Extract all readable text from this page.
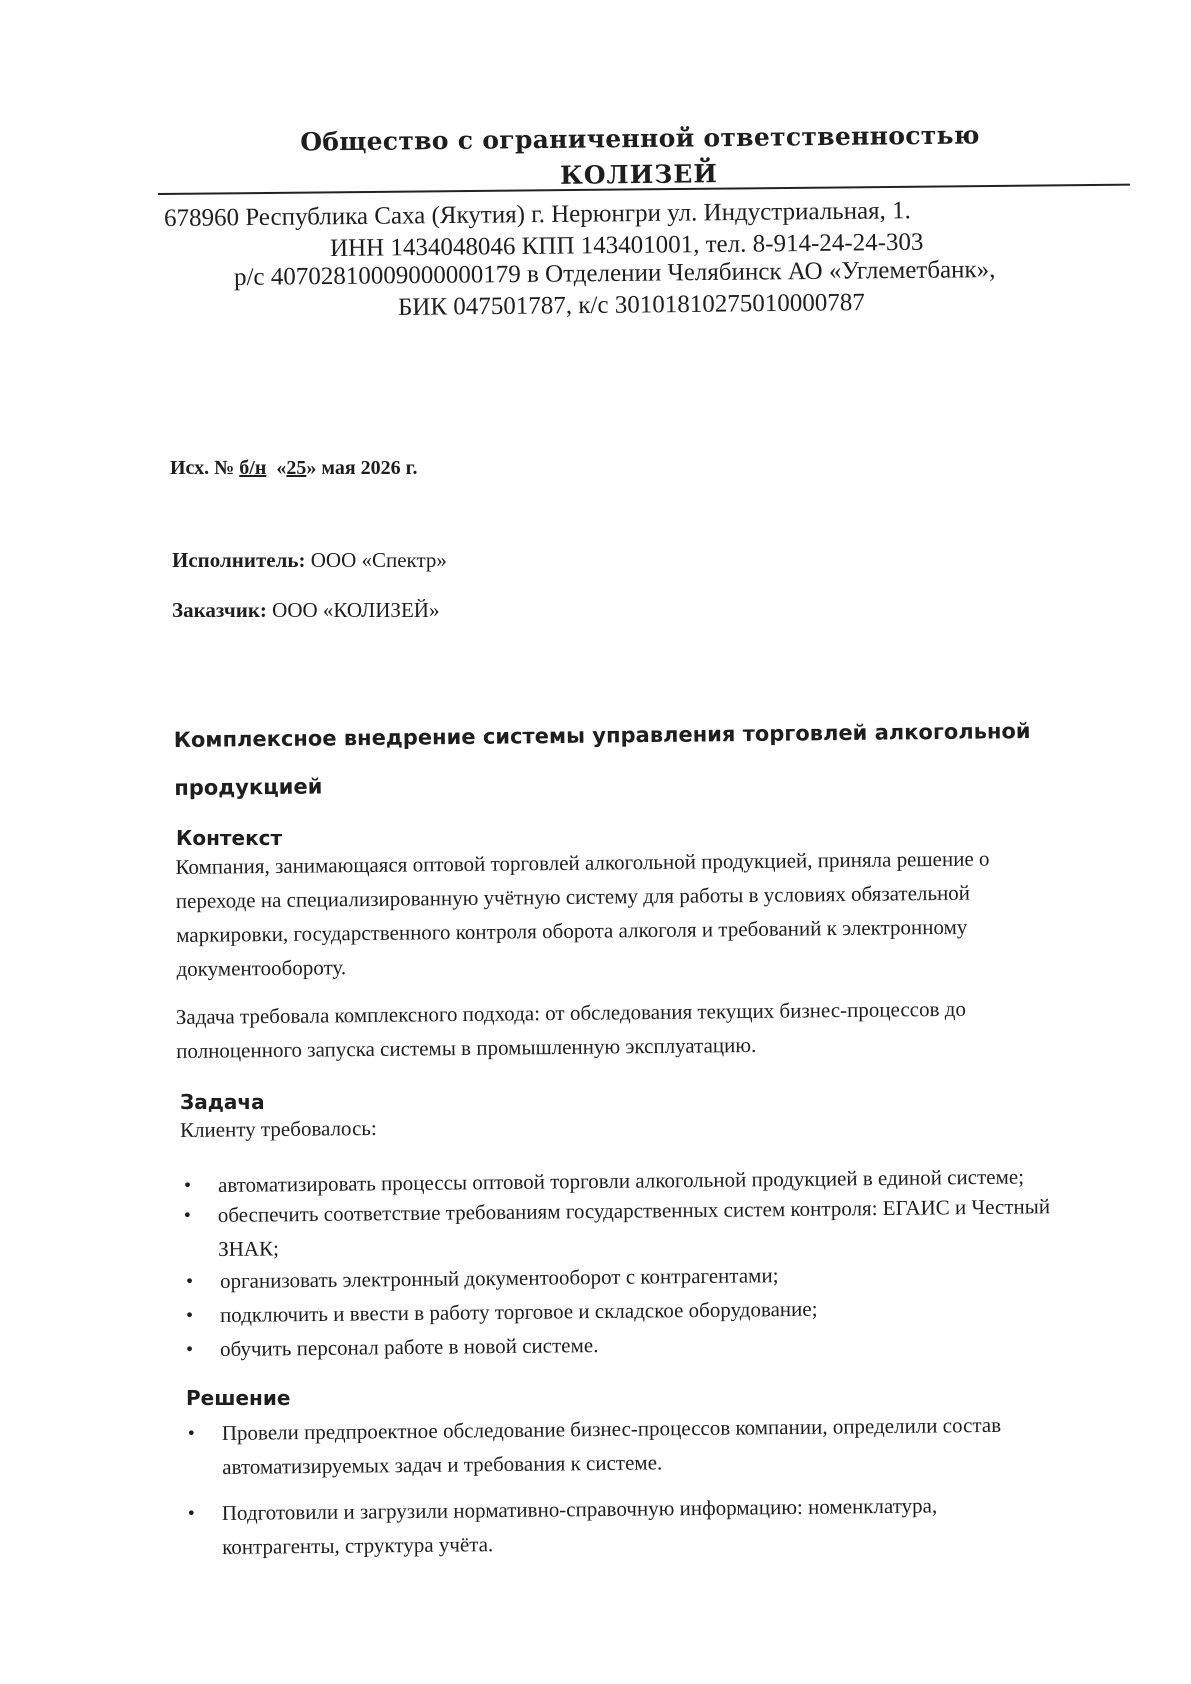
Общество с ограниченной ответственностью
КОЛИЗЕЙ
678960 Республика Саха (Якутия) г. Нерюнгри ул. Индустриальная, 1.
ИНН 1434048046 КПП 143401001, тел. 8-914-24-24-303
р/с 40702810009000000179 в Отделении Челябинск АО «Углеметбанк»,
БИК 047501787, к/с 30101810275010000787
Исх. № б/н  «25» мая 2026 г.
Исполнитель: ООО «Спектр»
Заказчик: ООО «КОЛИЗЕЙ»
Комплексное внедрение системы управления торговлей алкогольной
продукцией
Контекст
Компания, занимающаяся оптовой торговлей алкогольной продукцией, приняла решение о
переходе на специализированную учётную систему для работы в условиях обязательной
маркировки, государственного контроля оборота алкоголя и требований к электронному
документообороту.
Задача требовала комплексного подхода: от обследования текущих бизнес-процессов до
полноценного запуска системы в промышленную эксплуатацию.
Задача
Клиенту требовалось:
• автоматизировать процессы оптовой торговли алкогольной продукцией в единой системе;
• обеспечить соответствие требованиям государственных систем контроля: ЕГАИС и Честный
ЗНАК;
• организовать электронный документооборот с контрагентами;
• подключить и ввести в работу торговое и складское оборудование;
• обучить персонал работе в новой системе.
Решение
• Провели предпроектное обследование бизнес-процессов компании, определили состав
автоматизируемых задач и требования к системе.
• Подготовили и загрузили нормативно-справочную информацию: номенклатура,
контрагенты, структура учёта.
